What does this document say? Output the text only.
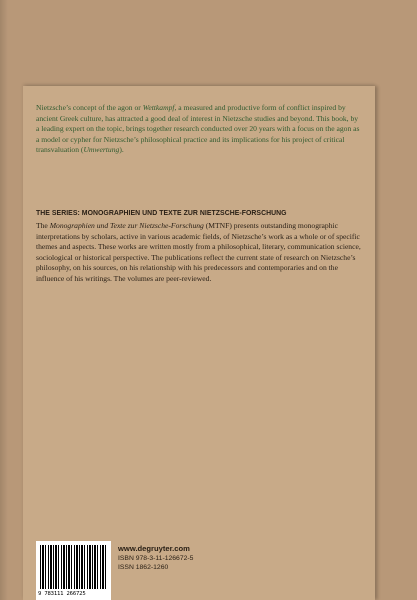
Nietzsche’s concept of the agon or Wettkampf, a measured and productive form of conflict inspired by ancient Greek culture, has attracted a good deal of interest in Nietzsche studies and beyond. This book, by a leading expert on the topic, brings together research conducted over 20 years with a focus on the agon as a model or cypher for Nietzsche’s philosophical practice and its implications for his project of critical transvaluation (Umwertung).

THE SERIES: MONOGRAPHIEN UND TEXTE ZUR NIETZSCHE-FORSCHUNG

The Monographien und Texte zur Nietzsche-Forschung (MTNF) presents outstanding monographic interpretations by scholars, active in various academic fields, of Nietzsche’s work as a whole or of specific themes and aspects. These works are written mostly from a philosophical, literary, communication science, sociological or historical perspective. The publications reflect the current state of research on Nietzsche’s philosophy, on his sources, on his relationship with his predecessors and contemporaries and on the influence of his writings. The volumes are peer-reviewed.

9 783111 266725
www.degruyter.com
ISBN 978-3-11-126672-5
ISSN 1862-1260
